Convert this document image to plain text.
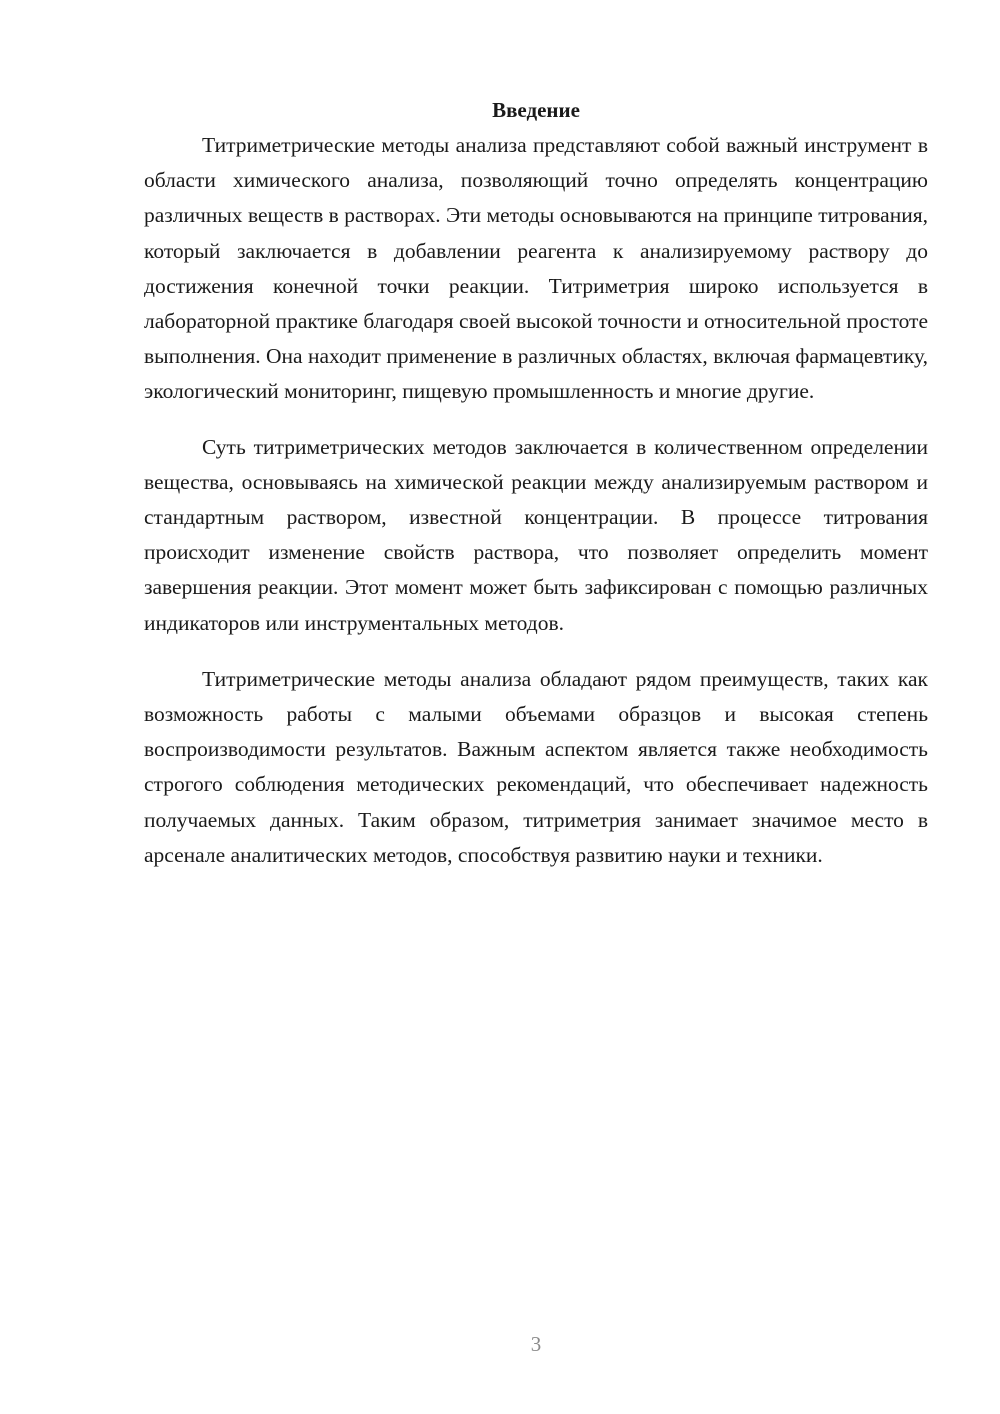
Введение

Титриметрические методы анализа представляют собой важный инструмент в области химического анализа, позволяющий точно определять концентрацию различных веществ в растворах. Эти методы основываются на принципе титрования, который заключается в добавлении реагента к анализируемому раствору до достижения конечной точки реакции. Титриметрия широко используется в лабораторной практике благодаря своей высокой точности и относительной простоте выполнения. Она находит применение в различных областях, включая фармацевтику, экологический мониторинг, пищевую промышленность и многие другие.

Суть титриметрических методов заключается в количественном определении вещества, основываясь на химической реакции между анализируемым раствором и стандартным раствором, известной концентрации. В процессе титрования происходит изменение свойств раствора, что позволяет определить момент завершения реакции. Этот момент может быть зафиксирован с помощью различных индикаторов или инструментальных методов.

Титриметрические методы анализа обладают рядом преимуществ, таких как возможность работы с малыми объемами образцов и высокая степень воспроизводимости результатов. Важным аспектом является также необходимость строгого соблюдения методических рекомендаций, что обеспечивает надежность получаемых данных. Таким образом, титриметрия занимает значимое место в арсенале аналитических методов, способствуя развитию науки и техники.

3
